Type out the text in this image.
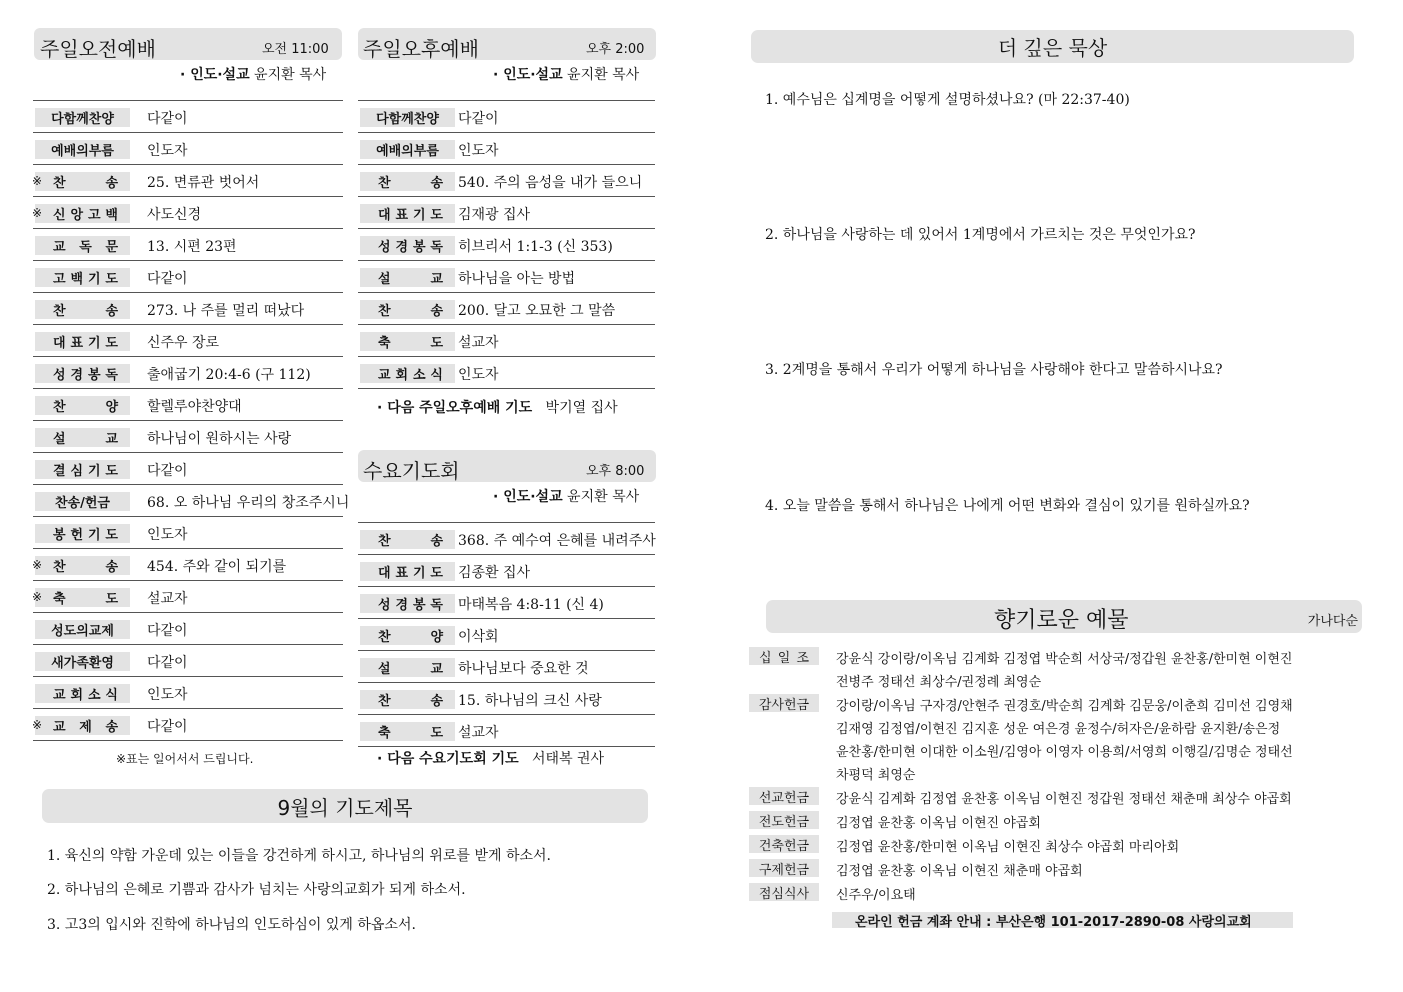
주일오전예배	오전 11:00
· 인도·설교 윤지환 목사
다함께찬양	다같이
예배의부름	인도자
※ 찬	송 25. 면류관 벗어서
※ 신 앙 고 백 사도신경
교 독 문 13. 시편 23편
고 백 기 도 다같이
찬	송 273. 나 주를 멀리 떠났다
대 표 기 도 신주우 장로
성 경 봉 독 출애굽기 20:4-6 (구 112)
찬	양 할렐루야찬양대
설	교 하나님이 원하시는 사랑
결 심 기 도 다같이
찬송/헌금	68. 오 하나님 우리의 창조주시니
봉 헌 기 도 인도자
※ 찬	송 454. 주와 같이 되기를
※ 축	도 설교자
성도의교제	다같이
새가족환영	다같이
교 회 소 식 인도자
※ 교 제 송 다같이
※표는 일어서서 드립니다.
주일오후예배	오후 2:00
· 인도·설교 윤지환 목사
다함께찬양	다같이
예배의부름	인도자
찬	송 540. 주의 음성을 내가 들으니
대 표 기 도 김재광 집사
성 경 봉 독 히브리서 1:1-3 (신 353)
설	교 하나님을 아는 방법
찬	송 200. 달고 오묘한 그 말씀
축	도 설교자
교 회 소 식 인도자
· 다음 주일오후예배 기도 박기열 집사
수요기도회	오후 8:00
· 인도·설교 윤지환 목사
찬	송 368. 주 예수여 은혜를 내려주사
대 표 기 도 김종환 집사
성 경 봉 독 마태복음 4:8-11 (신 4)
찬	양 이삭회
설	교 하나님보다 중요한 것
찬	송 15. 하나님의 크신 사랑
축	도 설교자
· 다음 수요기도회 기도 서태복 권사
9월의 기도제목
1. 육신의 약함 가운데 있는 이들을 강건하게 하시고, 하나님의 위로를 받게 하소서.
2. 하나님의 은혜로 기쁨과 감사가 넘치는 사랑의교회가 되게 하소서.
3. 고3의 입시와 진학에 하나님의 인도하심이 있게 하옵소서.
더 깊은 묵상
1. 예수님은 십계명을 어떻게 설명하셨나요? (마 22:37-40)
2. 하나님을 사랑하는 데 있어서 1계명에서 가르치는 것은 무엇인가요?
3. 2계명을 통해서 우리가 어떻게 하나님을 사랑해야 한다고 말씀하시나요?
4. 오늘 말씀을 통해서 하나님은 나에게 어떤 변화와 결심이 있기를 원하실까요?
향기로운 예물	가나다순
십 일 조 강윤식 강이랑/이옥님 김계화 김정엽 박순희 서상국/정갑원 윤찬홍/한미현 이현진
전병주 정태선 최상수/권정례 최영순
감사헌금	강이랑/이옥님 구자경/안현주 권경호/박순희 김계화 김문웅/이춘희 김미선 김영채
김재영 김정엽/이현진 김지훈 성운 여은경 윤정수/허자은/윤하람 윤지환/송은정
윤찬홍/한미현 이대한 이소원/김영아 이영자 이용희/서영희 이행길/김명순 정태선
차평덕 최영순
선교헌금	강윤식 김계화 김정엽 윤찬홍 이옥님 이현진 정갑원 정태선 채춘매 최상수 야곱회
전도헌금	김정엽 윤찬홍 이옥님 이현진 야곱회
건축헌금	김정엽 윤찬홍/한미현 이옥님 이현진 최상수 야곱회 마리아회
구제헌금	김정엽 윤찬홍 이옥님 이현진 채춘매 야곱회
점심식사	신주우/이요태
온라인 헌금 계좌 안내 : 부산은행 101-2017-2890-08 사랑의교회
